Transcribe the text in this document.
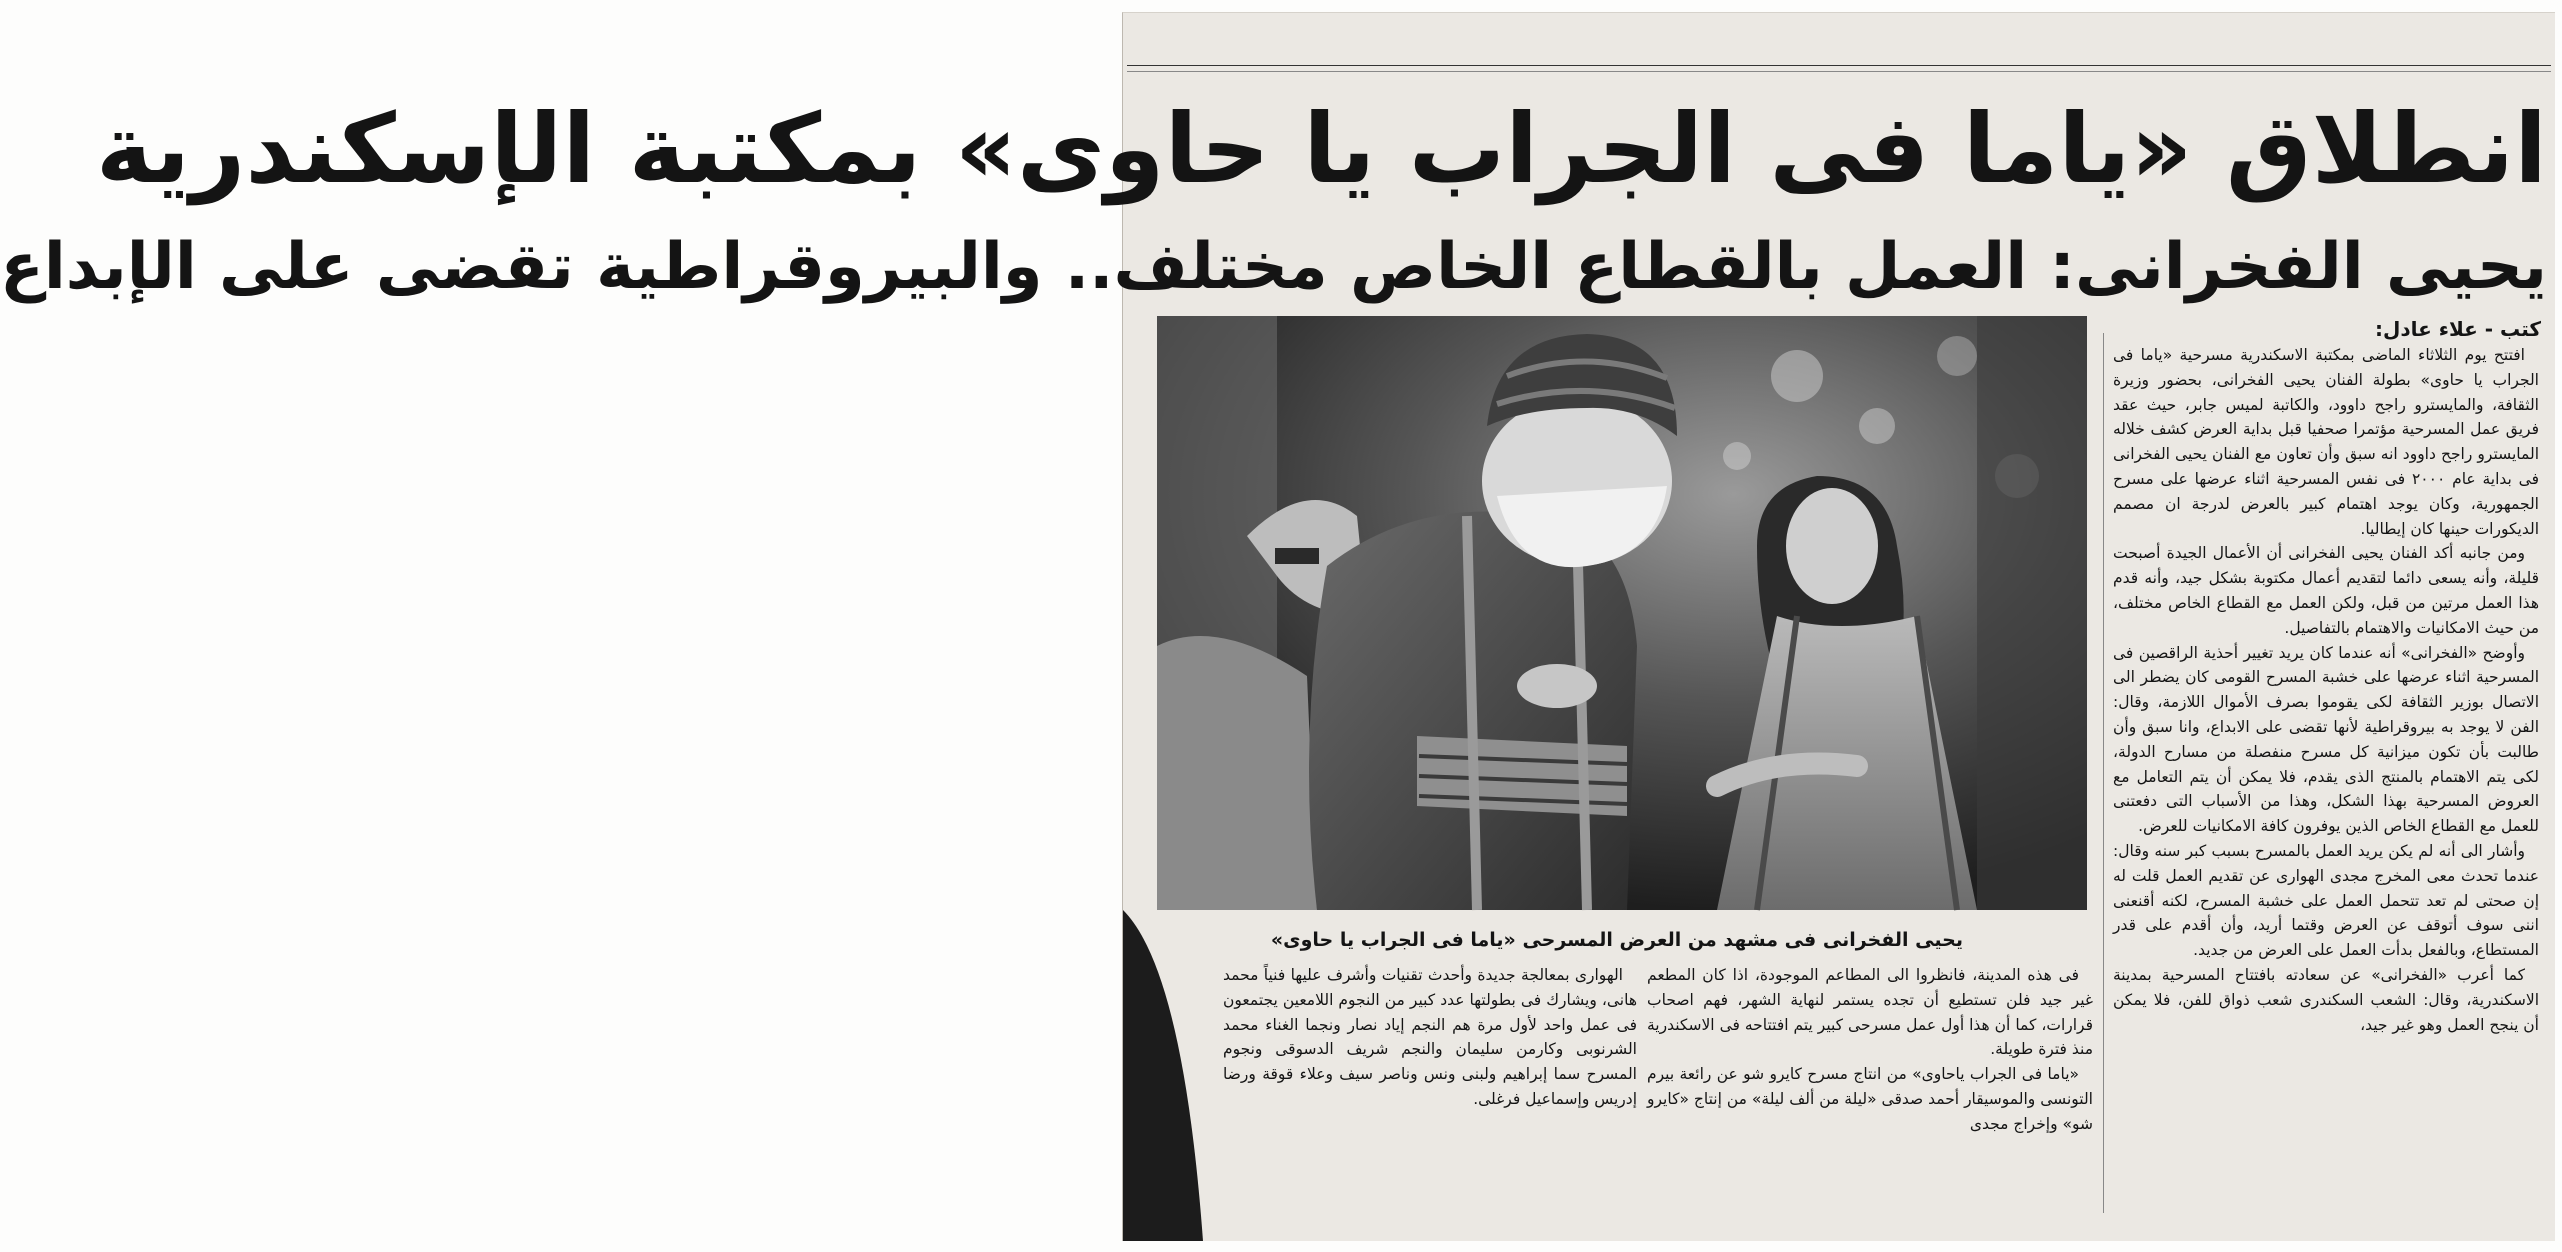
انطلاق «ياما فى الجراب يا حاوى» بمكتبة الإسكندرية
يحيى الفخرانى: العمل بالقطاع الخاص مختلف.. والبيروقراطية تقضى على الإبداع
يحيى الفخرانى فى مشهد من العرض المسرحى «ياما فى الجراب يا حاوى»
كتب - علاء عادل:

افتتح يوم الثلاثاء الماضى بمكتبة الاسكندرية مسرحية «ياما فى الجراب يا حاوى» بطولة الفنان يحيى الفخرانى، بحضور وزيرة الثقافة، والمايسترو راجح داوود، والكاتبة لميس جابر، حيث عقد فريق عمل المسرحية مؤتمرا صحفيا قبل بداية العرض كشف خلاله المايسترو راجح داوود انه سبق وأن تعاون مع الفنان يحيى الفخرانى فى بداية عام ٢٠٠٠ فى نفس المسرحية اثناء عرضها على مسرح الجمهورية، وكان يوجد اهتمام كبير بالعرض لدرجة ان مصمم الديكورات حينها كان إيطاليا.

ومن جانبه أكد الفنان يحيى الفخرانى أن الأعمال الجيدة أصبحت قليلة، وأنه يسعى دائما لتقديم أعمال مكتوبة بشكل جيد، وأنه قدم هذا العمل مرتين من قبل، ولكن العمل مع القطاع الخاص مختلف، من حيث الامكانيات والاهتمام بالتفاصيل.

وأوضح «الفخرانى» أنه عندما كان يريد تغيير أحذية الراقصين فى المسرحية اثناء عرضها على خشبة المسرح القومى كان يضطر الى الاتصال بوزير الثقافة لكى يقوموا بصرف الأموال اللازمة، وقال: الفن لا يوجد به بيروقراطية لأنها تقضى على الابداع، وانا سبق وأن طالبت بأن تكون ميزانية كل مسرح منفصلة من مسارح الدولة، لكى يتم الاهتمام بالمنتج الذى يقدم، فلا يمكن أن يتم التعامل مع العروض المسرحية بهذا الشكل، وهذا من الأسباب التى دفعتنى للعمل مع القطاع الخاص الذين يوفرون كافة الامكانيات للعرض.

وأشار الى أنه لم يكن يريد العمل بالمسرح بسبب كبر سنه وقال: عندما تحدث معى المخرج مجدى الهوارى عن تقديم العمل قلت له إن صحتى لم تعد تتحمل العمل على خشبة المسرح، لكنه أقنعنى اننى سوف أتوقف عن العرض وقتما أريد، وأن أقدم على قدر المستطاع، وبالفعل بدأت العمل على العرض من جديد.

كما أعرب «الفخرانى» عن سعادته بافتتاح المسرحية بمدينة الاسكندرية، وقال: الشعب السكندرى شعب ذواق للفن، فلا يمكن أن ينجح العمل وهو غير جيد،

فى هذه المدينة، فانظروا الى المطاعم الموجودة، اذا كان المطعم غير جيد فلن تستطيع أن تجده يستمر لنهاية الشهر، فهم اصحاب قرارات، كما أن هذا أول عمل مسرحى كبير يتم افتتاحه فى الاسكندرية منذ فترة طويلة.

«ياما فى الجراب ياحاوى» من انتاج مسرح كايرو شو عن رائعة بيرم التونسى والموسيقار أحمد صدقى «ليلة من ألف ليلة» من إنتاج «كايرو شو» وإخراج مجدى

الهوارى بمعالجة جديدة وأحدث تقنيات وأشرف عليها فنياً محمد هانى، ويشارك فى بطولتها عدد كبير من النجوم اللامعين يجتمعون فى عمل واحد لأول مرة هم النجم إياد نصار ونجما الغناء محمد الشرنوبى وكارمن سليمان والنجم شريف الدسوقى ونجوم المسرح سما إبراهيم ولبنى ونس وناصر سيف وعلاء قوقة ورضا إدريس وإسماعيل فرغلى.
